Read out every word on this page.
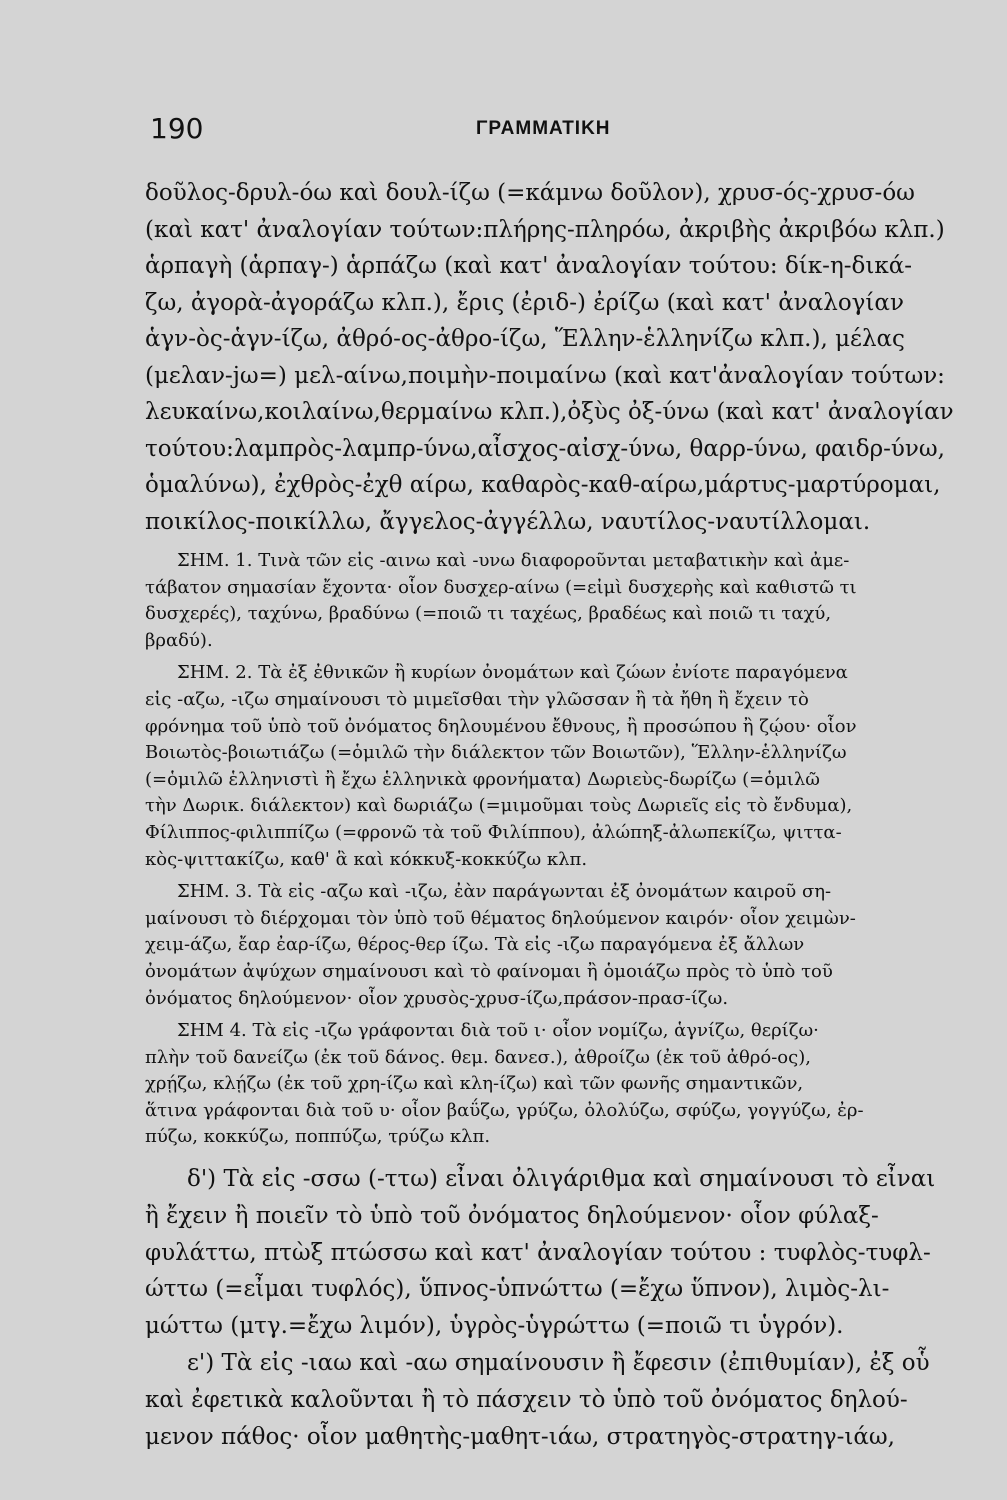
190	ΓΡΑΜΜΑΤΙΚΗ
δοῦλος-δρυλ-όω καὶ δουλ-ίζω (=κάμνω δοῦλον), χρυσ-ός-χρυσ-όω
(καὶ κατ' ἀναλογίαν τούτων:πλήρης-πληρόω, ἀκριβὴς ἀκριβόω κλπ.)
ἁρπαγὴ (ἁρπαγ-) ἁρπάζω (καὶ κατ' ἀναλογίαν τούτου: δίκ-η-δικά-
ζω, ἀγορὰ-ἀγοράζω κλπ.), ἔρις (ἐριδ-) ἐρίζω (καὶ κατ' ἀναλογίαν
ἁγν-ὸς-ἁγν-ίζω, ἀθρό-ος-ἀθρο-ίζω, Ἕλλην-ἑλληνίζω κλπ.), μέλας
(μελαν-jω=) μελ-αίνω,ποιμὴν-ποιμαίνω (καὶ κατ'ἀναλογίαν τούτων:
λευκαίνω,κοιλαίνω,θερμαίνω κλπ.),ὀξὺς ὀξ-ύνω (καὶ κατ' ἀναλογίαν
τούτου:λαμπρὸς-λαμπρ-ύνω,αἶσχος-αἰσχ-ύνω, θαρρ-ύνω, φαιδρ-ύνω,
ὁμαλύνω), ἐχθρὸς-ἐχθ αίρω, καθαρὸς-καθ-αίρω,μάρτυς-μαρτύρομαι,
ποικίλος-ποικίλλω, ἄγγελος-ἀγγέλλω, ναυτίλος-ναυτίλλομαι.
ΣΗΜ. 1. Τινὰ τῶν εἰς -αινω καὶ -υνω διαφοροῦνται μεταβατικὴν καὶ ἀμε-
τάβατον σημασίαν ἔχοντα· οἷον δυσχερ-αίνω (=εἰμὶ δυσχερὴς καὶ καθιστῶ τι
δυσχερές), ταχύνω, βραδύνω (=ποιῶ τι ταχέως, βραδέως καὶ ποιῶ τι ταχύ,
βραδύ).
ΣΗΜ. 2. Τὰ ἐξ ἐθνικῶν ἢ κυρίων ὀνομάτων καὶ ζώων ἐνίοτε παραγόμενα
εἰς -αζω, -ιζω σημαίνουσι τὸ μιμεῖσθαι τὴν γλῶσσαν ἢ τὰ ἤθη ἢ ἔχειν τὸ
φρόνημα τοῦ ὑπὸ τοῦ ὀνόματος δηλουμένου ἔθνους, ἢ προσώπου ἢ ζῴου· οἷον
Βοιωτὸς-βοιωτιάζω (=ὁμιλῶ τὴν διάλεκτον τῶν Βοιωτῶν), Ἕλλην-ἑλληνίζω
(=ὁμιλῶ ἑλληνιστὶ ἢ ἔχω ἑλληνικὰ φρονήματα) Δωριεὺς-δωρίζω (=ὁμιλῶ
τὴν Δωρικ. διάλεκτον) καὶ δωριάζω (=μιμοῦμαι τοὺς Δωριεῖς εἰς τὸ ἔνδυμα),
Φίλιππος-φιλιππίζω (=φρονῶ τὰ τοῦ Φιλίππου), ἀλώπηξ-ἀλωπεκίζω, ψιττα-
κὸς-ψιττακίζω, καθ' ἃ καὶ κόκκυξ-κοκκύζω κλπ.
ΣΗΜ. 3. Τὰ εἰς -αζω καὶ -ιζω, ἐὰν παράγωνται ἐξ ὀνομάτων καιροῦ ση-
μαίνουσι τὸ διέρχομαι τὸν ὑπὸ τοῦ θέματος δηλούμενον καιρόν· οἷον χειμὼν-
χειμ-άζω, ἔαρ ἐαρ-ίζω, θέρος-θερ ίζω. Τὰ εἰς -ιζω παραγόμενα ἐξ ἄλλων
ὀνομάτων ἀψύχων σημαίνουσι καὶ τὸ φαίνομαι ἢ ὁμοιάζω πρὸς τὸ ὑπὸ τοῦ
ὀνόματος δηλούμενον· οἷον χρυσὸς-χρυσ-ίζω,πράσον-πρασ-ίζω.
ΣΗΜ 4. Τὰ εἰς -ιζω γράφονται διὰ τοῦ ι· οἷον νομίζω, ἁγνίζω, θερίζω·
πλὴν τοῦ δανείζω (ἐκ τοῦ δάνος. θεμ. δανεσ.), ἀθροίζω (ἐκ τοῦ ἀθρό-ος),
χρῄζω, κλῄζω (ἐκ τοῦ χρη-ίζω καὶ κλη-ίζω) καὶ τῶν φωνῆς σημαντικῶν,
ἅτινα γράφονται διὰ τοῦ υ· οἷον βαΰζω, γρύζω, ὀλολύζω, σφύζω, γογγύζω, ἐρ-
πύζω, κοκκύζω, ποππύζω, τρύζω κλπ.
δ') Τὰ εἰς -σσω (-ττω) εἶναι ὀλιγάριθμα καὶ σημαίνουσι τὸ εἶναι
ἢ ἔχειν ἢ ποιεῖν τὸ ὑπὸ τοῦ ὀνόματος δηλούμενον· οἷον φύλαξ-
φυλάττω, πτὼξ πτώσσω καὶ κατ' ἀναλογίαν τούτου : τυφλὸς-τυφλ-
ώττω (=εἶμαι τυφλός), ὕπνος-ὑπνώττω (=ἔχω ὕπνον), λιμὸς-λι-
μώττω (μτγ.=ἔχω λιμόν), ὑγρὸς-ὑγρώττω (=ποιῶ τι ὑγρόν).
ε') Τὰ εἰς -ιαω καὶ -αω σημαίνουσιν ἢ ἔφεσιν (ἐπιθυμίαν), ἐξ οὗ
καὶ ἐφετικὰ καλοῦνται ἢ τὸ πάσχειν τὸ ὑπὸ τοῦ ὀνόματος δηλού-
μενον πάθος· οἷον μαθητὴς-μαθητ-ιάω, στρατηγὸς-στρατηγ-ιάω,
